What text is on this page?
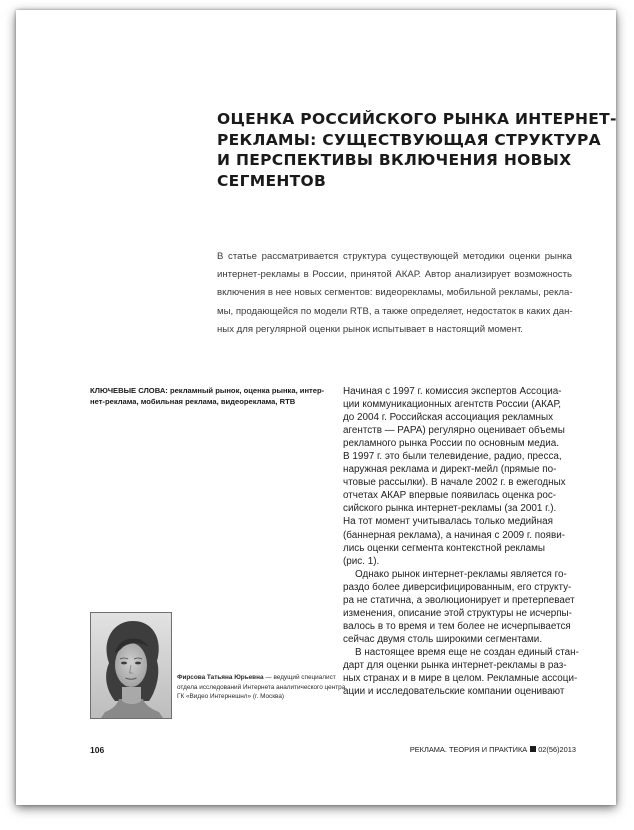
ОЦЕНКА РОССИЙСКОГО РЫНКА ИНТЕРНЕТ-
РЕКЛАМЫ: СУЩЕСТВУЮЩАЯ СТРУКТУРА
И ПЕРСПЕКТИВЫ ВКЛЮЧЕНИЯ НОВЫХ
СЕГМЕНТОВ

В статье рассматривается структура существующей методики оценки рынка
интернет-рекламы в России, принятой АКАР. Автор анализирует возможность
включения в нее новых сегментов: видеорекламы, мобильной рекламы, рекла-
мы, продающейся по модели RTB, а также определяет, недостаток в каких дан-
ных для регулярной оценки рынок испытывает в настоящий момент.

КЛЮЧЕВЫЕ СЛОВА: рекламный рынок, оценка рынка, интер-
нет-реклама, мобильная реклама, видеореклама, RTB
Начиная с 1997 г. комиссия экспертов Ассоциа-
ции коммуникационных агентств России (АКАР,
до 2004 г. Российская ассоциация рекламных
агентств — РАРА) регулярно оценивает объемы
рекламного рынка России по основным медиа.
В 1997 г. это были телевидение, радио, пресса,
наружная реклама и директ-мейл (прямые по-
чтовые рассылки). В начале 2002 г. в ежегодных
отчетах АКАР впервые появилась оценка рос-
сийского рынка интернет-рекламы (за 2001 г.).
На тот момент учитывалась только медийная
(баннерная реклама), а начиная с 2009 г. появи-
лись оценки сегмента контекстной рекламы
(рис. 1).
Однако рынок интернет-рекламы является го-
раздо более диверсифицированным, его структу-
ра не статична, а эволюционирует и претерпевает
изменения, описание этой структуры не исчерпы-
валось в то время и тем более не исчерпывается
сейчас двумя столь широкими сегментами.
В настоящее время еще не создан единый стан-
дарт для оценки рынка интернет-рекламы в раз-
ных странах и в мире в целом. Рекламные ассоци-
ации и исследовательские компании оценивают
Фирсова Татьяна Юрьевна — ведущий специалист
отдела исследований Интернета аналитического центра
ГК «Видео Интернешнл» (г. Москва)
106	РЕКЛАМА. ТЕОРИЯ И ПРАКТИКА 02(56)2013
